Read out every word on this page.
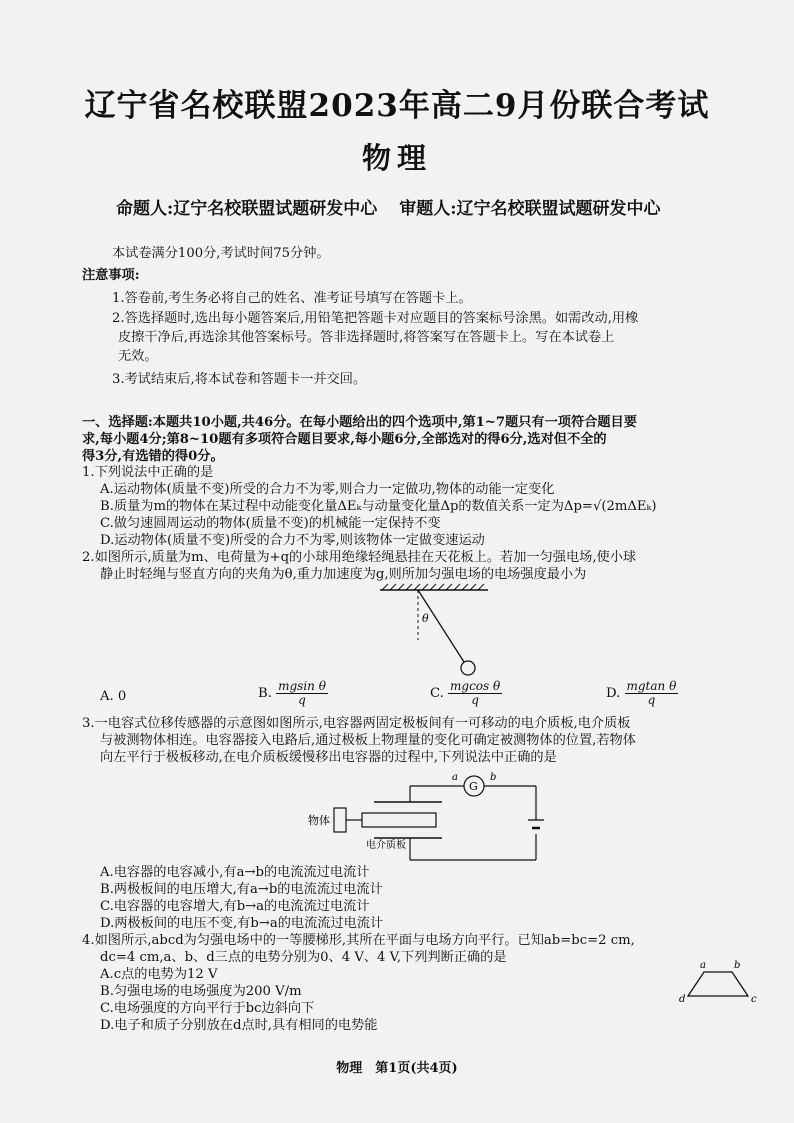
辽宁省名校联盟2023年高二9月份联合考试
物理
命题人:辽宁名校联盟试题研发中心 审题人:辽宁名校联盟试题研发中心
本试卷满分100分,考试时间75分钟。
注意事项:
1.答卷前,考生务必将自己的姓名、准考证号填写在答题卡上。
2.答选择题时,选出每小题答案后,用铅笔把答题卡对应题目的答案标号涂黑。如需改动,用橡
皮擦干净后,再选涂其他答案标号。答非选择题时,将答案写在答题卡上。写在本试卷上
无效。
3.考试结束后,将本试卷和答题卡一并交回。
一、选择题:本题共10小题,共46分。在每小题给出的四个选项中,第1~7题只有一项符合题目要
求,每小题4分;第8~10题有多项符合题目要求,每小题6分,全部选对的得6分,选对但不全的
得3分,有选错的得0分。
1.下列说法中正确的是
A.运动物体(质量不变)所受的合力不为零,则合力一定做功,物体的动能一定变化
B.质量为m的物体在某过程中动能变化量ΔEₖ与动量变化量Δp的数值关系一定为Δp=√(2mΔEₖ)
C.做匀速圆周运动的物体(质量不变)的机械能一定保持不变
D.运动物体(质量不变)所受的合力不为零,则该物体一定做变速运动
2.如图所示,质量为m、电荷量为+q的小球用绝缘轻绳悬挂在天花板上。若加一匀强电场,使小球
静止时轻绳与竖直方向的夹角为θ,重力加速度为g,则所加匀强电场的电场强度最小为
θ
A. 0	B. $\frac{\text{mgsin θ}}{q}$	C. $\frac{\text{mgcos θ}}{q}$	D. $\frac{\text{mgtan θ}}{q}$
3.一电容式位移传感器的示意图如图所示,电容器两固定极板间有一可移动的电介质板,电介质板
与被测物体相连。电容器接入电路后,通过极板上物理量的变化可确定被测物体的位置,若物体
向左平行于极板移动,在电介质板缓慢移出电容器的过程中,下列说法中正确的是
G
a	b
物体
电介质板
A.电容器的电容减小,有a→b的电流流过电流计
B.两极板间的电压增大,有a→b的电流流过电流计
C.电容器的电容增大,有b→a的电流流过电流计
D.两极板间的电压不变,有b→a的电流流过电流计
4.如图所示,abcd为匀强电场中的一等腰梯形,其所在平面与电场方向平行。已知ab=bc=2 cm,
dc=4 cm,a、b、d三点的电势分别为0、4 V、4 V,下列判断正确的是
A.c点的电势为12 V
B.匀强电场的电场强度为200 V/m
C.电场强度的方向平行于bc边斜向下
D.电子和质子分别放在d点时,具有相同的电势能
a	b
c
d
物理　第1页(共4页)
